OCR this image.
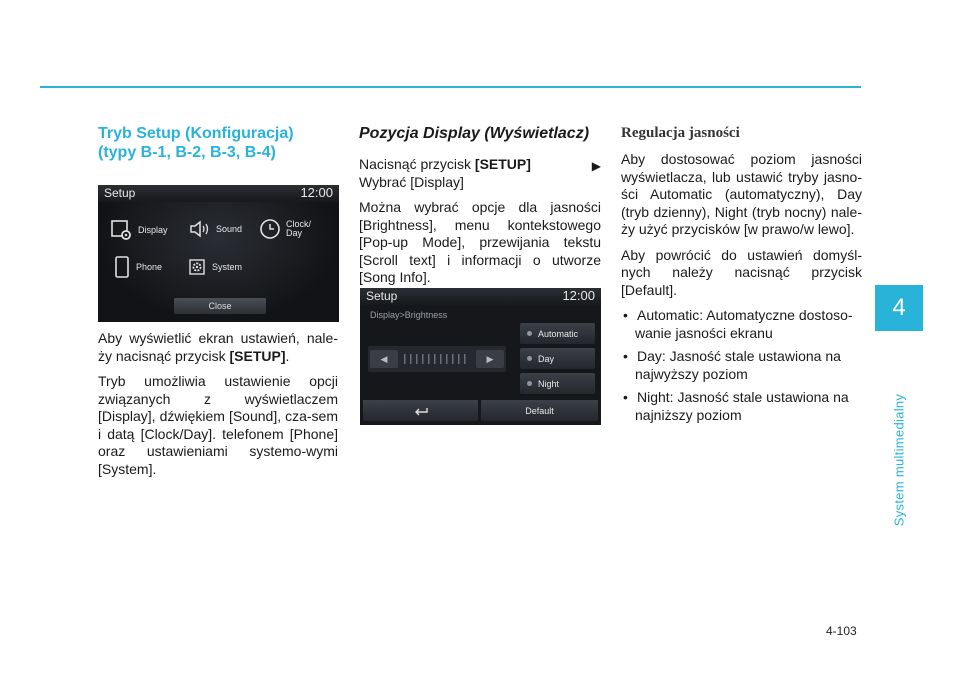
4
System multimedialny
Tryb Setup (Konfiguracja)
(typy B-1, B-2, B-3, B-4)
Setup	12:00
Display	Sound	Clock/
Day
Phone	System
Close

Aby wyświetlić ekran ustawień, nale-ży nacisnąć przycisk [SETUP].

Tryb umożliwia ustawienie opcji związanych z wyświetlaczem [Display], dźwiękiem [Sound], cza-sem i datą [Clock/Day]. telefonem [Phone] oraz ustawieniami systemo-wymi [System].

Pozycja Display (Wyświetlacz)

Nacisnąć przycisk [SETUP]	▶

Wybrać [Display]

Można wybrać opcje dla jasności [Brightness], menu kontekstowego [Pop-up Mode], przewijania tekstu [Scroll text] i informacji o utworze [Song Info].

Setup	12:00
Display>Brightness
◀	▶
Automatic
Day
Night
Default
Regulacja jasności

Aby dostosować poziom jasności wyświetlacza, lub ustawić tryby jasno-ści Automatic (automatyczny), Day (tryb dzienny), Night (tryb nocny) nale-ży użyć przycisków [w prawo/w lewo].

Aby powrócić do ustawień domyśl-nych należy nacisnąć przycisk [Default].

• Automatic: Automatyczne dostoso-wanie jasności ekranu
• Day: Jasność stale ustawiona na najwyższy poziom
• Night: Jasność stale ustawiona na najniższy poziom
4-103
